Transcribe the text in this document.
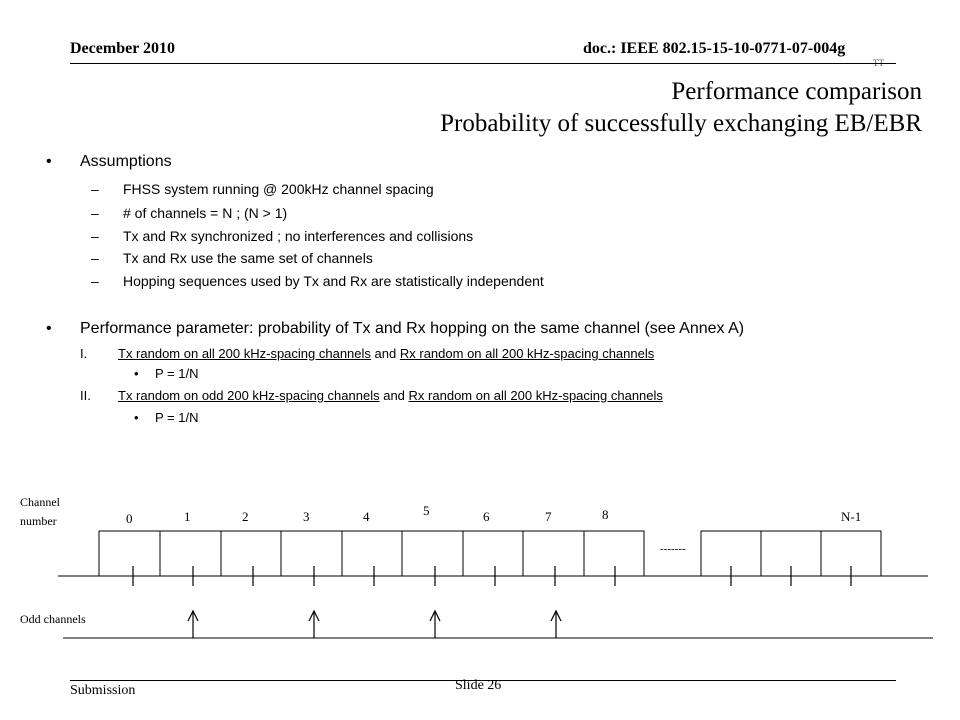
December 2010	doc.: IEEE 802.15-15-10-0771-07-004g
TT
Performance comparison
Probability of successfully exchanging EB/EBR
• Assumptions
– FHSS system running @ 200kHz channel spacing
– # of channels = N ; (N > 1)
– Tx and Rx synchronized ; no interferences and collisions
– Tx and Rx use the same set of channels
– Hopping sequences used by Tx and Rx are statistically independent
• Performance parameter: probability of Tx and Rx hopping on the same channel (see Annex A)
I. Tx random on all 200 kHz-spacing channels and Rx random on all 200 kHz-spacing channels
• P = 1/N
II. Tx random on odd 200 kHz-spacing channels and Rx random on all 200 kHz-spacing channels
• P = 1/N
Channel
number	0	1	2	3	4	5	6	7	8	N-1
-------
Odd channels
Submission	Slide 26
